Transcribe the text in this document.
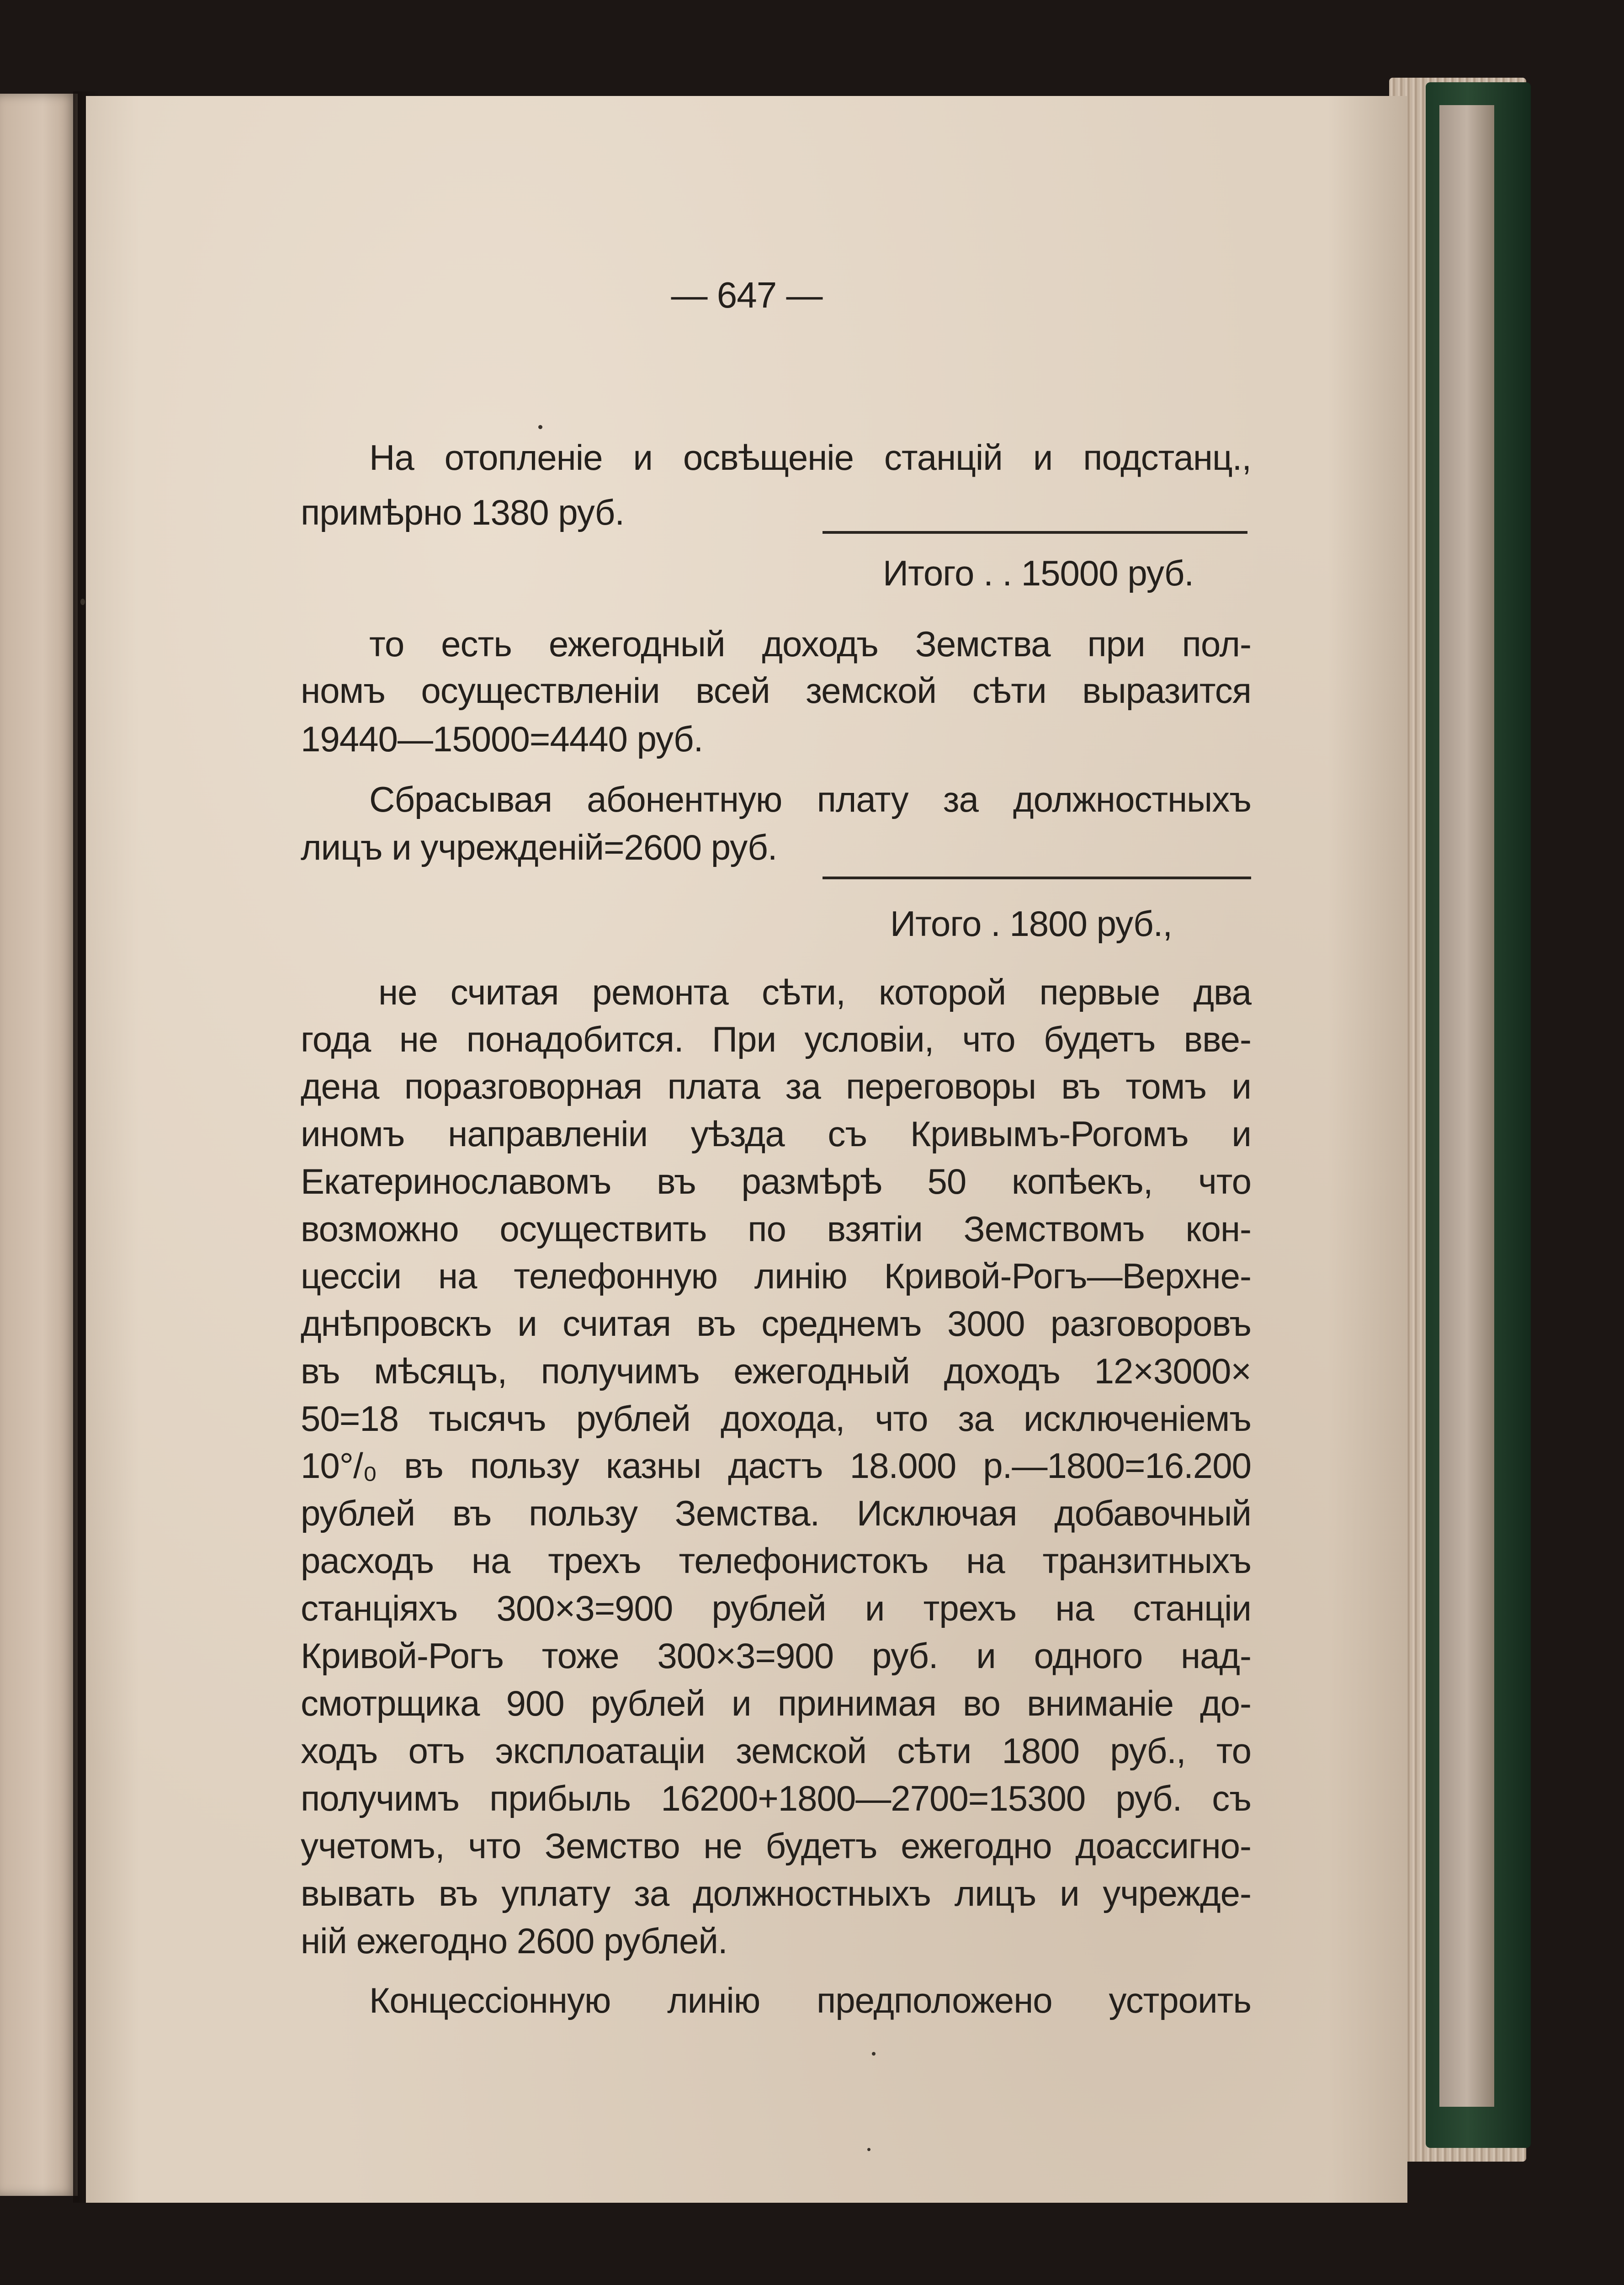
— 647 —
На отопленіе и освѣщеніе станцій и подстанц.,
примѣрно 1380 руб.
Итого . . 15000 руб.
то есть ежегодный доходъ Земства при пол-
номъ осуществленіи всей земской сѣти выразится
19440—15000=4440 руб.
Сбрасывая абонентную плату за должностныхъ
лицъ и учрежденій=2600 руб.
Итого . 1800 руб.,
не считая ремонта сѣти, которой первые два
года не понадобится. При условіи, что будетъ вве-
дена поразговорная плата за переговоры въ томъ и
иномъ направленіи уѣзда съ Кривымъ-Рогомъ и
Екатеринославомъ въ размѣрѣ 50 копѣекъ, что
возможно осуществить по взятіи Земствомъ кон-
цессіи на телефонную линію Кривой-Рогъ—Верхне-
днѣпровскъ и считая въ среднемъ 3000 разговоровъ
въ мѣсяцъ, получимъ ежегодный доходъ 12×3000×
50=18 тысячъ рублей дохода, что за исключеніемъ
10°/₀ въ пользу казны дастъ 18.000 р.—1800=16.200
рублей въ пользу Земства. Исключая добавочный
расходъ на трехъ телефонистокъ на транзитныхъ
станціяхъ 300×3=900 рублей и трехъ на станціи
Кривой-Рогъ тоже 300×3=900 руб. и одного над-
смотрщика 900 рублей и принимая во вниманіе до-
ходъ отъ эксплоатаціи земской сѣти 1800 руб., то
получимъ прибыль 16200+1800—2700=15300 руб. съ
учетомъ, что Земство не будетъ ежегодно доассигно-
вывать въ уплату за должностныхъ лицъ и учрежде-
ній ежегодно 2600 рублей.
Концессіонную линію предположено устроить
